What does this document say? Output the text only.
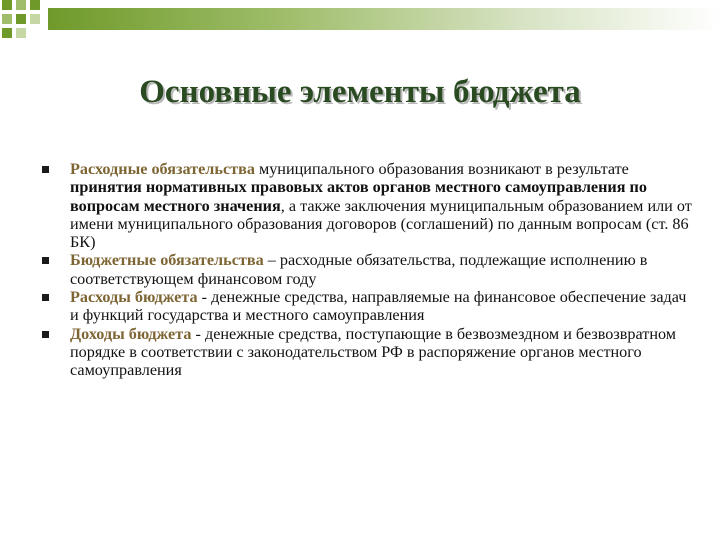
Основные элементы бюджета
Расходные обязательства муниципального образования возникают в результате принятия нормативных правовых актов органов местного самоуправления по вопросам местного значения, а также заключения муниципальным образованием или от имени муниципального образования договоров (соглашений) по данным вопросам (ст. 86 БК)
Бюджетные обязательства – расходные обязательства, подлежащие исполнению в соответствующем финансовом году
Расходы бюджета - денежные средства, направляемые на финансовое обеспечение задач и функций государства и местного самоуправления
Доходы бюджета - денежные средства, поступающие в безвозмездном и безвозвратном порядке в соответствии с законодательством РФ в распоряжение органов местного самоуправления
